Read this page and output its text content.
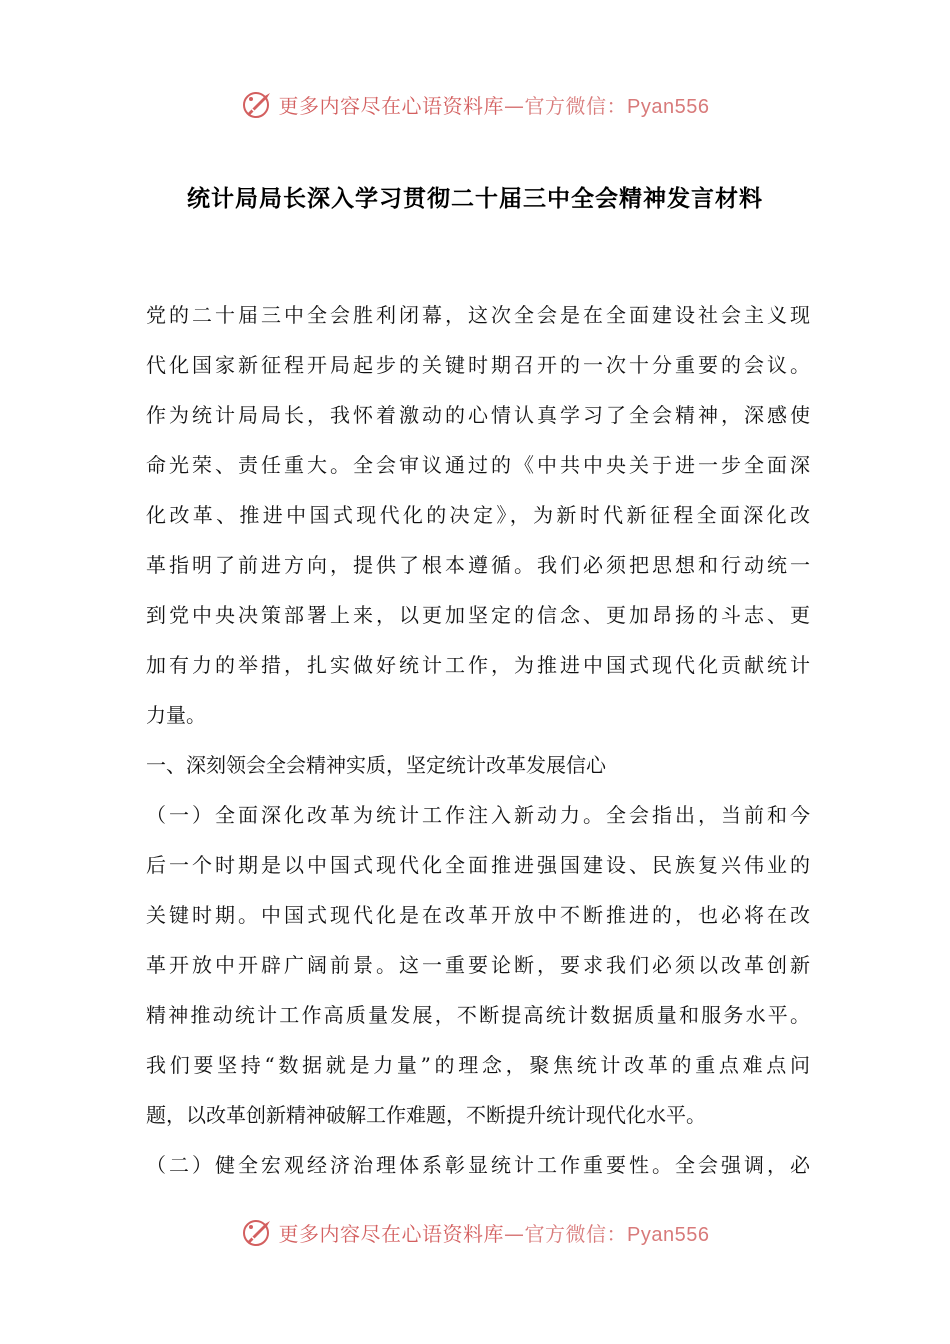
更多内容尽在心语资料库—官方微信：Pyan556
统计局局长深入学习贯彻二十届三中全会精神发言材料
党的二十届三中全会胜利闭幕，这次全会是在全面建设社会主义现
代化国家新征程开局起步的关键时期召开的一次十分重要的会议。
作为统计局局长，我怀着激动的心情认真学习了全会精神，深感使
命光荣、责任重大。全会审议通过的《中共中央关于进一步全面深
化改革、推进中国式现代化的决定》，为新时代新征程全面深化改
革指明了前进方向，提供了根本遵循。我们必须把思想和行动统一
到党中央决策部署上来，以更加坚定的信念、更加昂扬的斗志、更
加有力的举措，扎实做好统计工作，为推进中国式现代化贡献统计
力量。
一、深刻领会全会精神实质，坚定统计改革发展信心
（一）全面深化改革为统计工作注入新动力。全会指出，当前和今
后一个时期是以中国式现代化全面推进强国建设、民族复兴伟业的
关键时期。中国式现代化是在改革开放中不断推进的，也必将在改
革开放中开辟广阔前景。这一重要论断，要求我们必须以改革创新
精神推动统计工作高质量发展，不断提高统计数据质量和服务水平。
我们要坚持“数据就是力量”的理念，聚焦统计改革的重点难点问
题，以改革创新精神破解工作难题，不断提升统计现代化水平。
（二）健全宏观经济治理体系彰显统计工作重要性。全会强调，必
更多内容尽在心语资料库—官方微信：Pyan556
